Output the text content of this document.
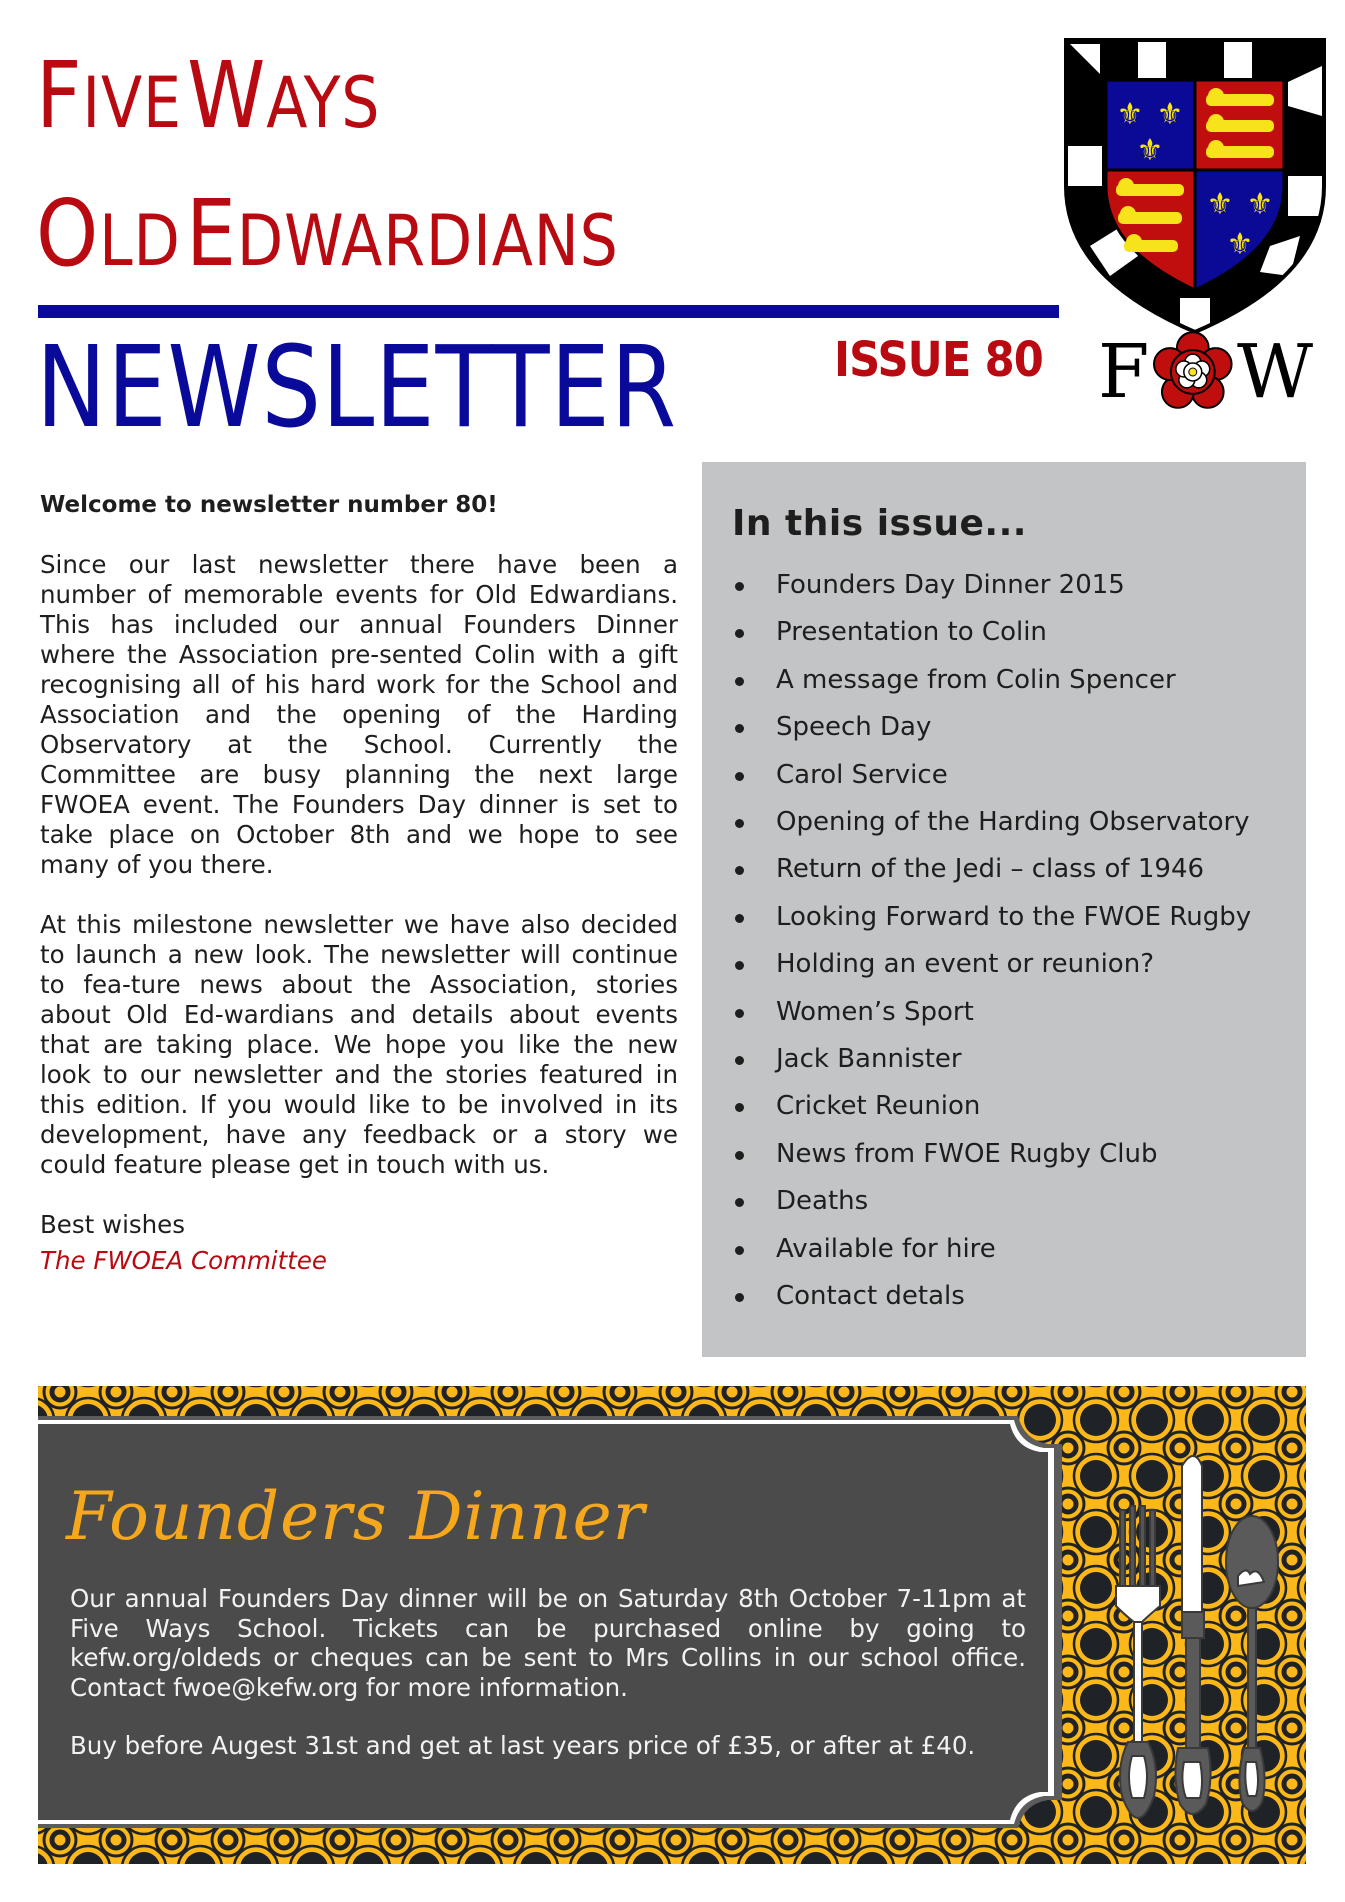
FIVE WAYS
OLD EDWARDIANS
NEWSLETTER	ISSUE 80
⚜ ⚜
⚜
⚜ ⚜
⚜
F W
Welcome to newsletter number 80!

Since our last newsletter there have been a number of memorable events for Old Edwardians. This has included our annual Founders Dinner where the Association pre-sented Colin with a gift recognising all of his hard work for the School and Association and the opening of the Harding Observatory at the School. Currently the Committee are busy planning the next large FWOEA event. The Founders Day dinner is set to take place on October 8th and we hope to see many of you there.

At this milestone newsletter we have also decided to launch a new look. The newsletter will continue to fea-ture news about the Association, stories about Old Ed-wardians and details about events that are taking place. We hope you like the new look to our newsletter and the stories featured in this edition. If you would like to be involved in its development, have any feedback or a story we could feature please get in touch with us.

Best wishes
The FWOEA Committee
In this issue...
Founders Day Dinner 2015
Presentation to Colin
A message from Colin Spencer
Speech Day
Carol Service
Opening of the Harding Observatory
Return of the Jedi – class of 1946
Looking Forward to the FWOE Rugby
Holding an event or reunion?
Women’s Sport
Jack Bannister
Cricket Reunion
News from FWOE Rugby Club
Deaths
Available for hire
Contact detals
Founders Dinner

Our annual Founders Day dinner will be on Saturday 8th October 7-11pm at Five Ways School. Tickets can be purchased online by going to kefw.org/oldeds or cheques can be sent to Mrs Collins in our school office. Contact fwoe@kefw.org for more information.

Buy before Augest 31st and get at last years price of £35, or after at £40.
